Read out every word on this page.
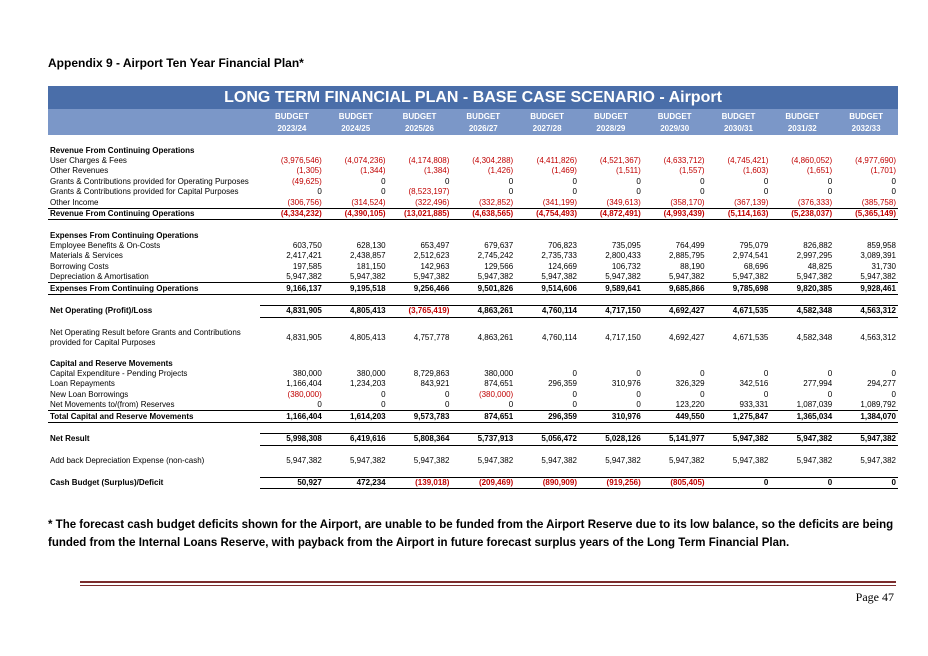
Appendix 9 - Airport Ten Year Financial Plan*
LONG TERM FINANCIAL PLAN - BASE CASE SCENARIO - Airport
	BUDGET	BUDGET	BUDGET	BUDGET	BUDGET	BUDGET	BUDGET	BUDGET	BUDGET	BUDGET
	2023/24	2024/25	2025/26	2026/27	2027/28	2028/29	2029/30	2030/31	2031/32	2032/33

Revenue From Continuing Operations										
User Charges & Fees	(3,976,546)	(4,074,236)	(4,174,808)	(4,304,288)	(4,411,826)	(4,521,367)	(4,633,712)	(4,745,421)	(4,860,052)	(4,977,690)
Other Revenues	(1,305)	(1,344)	(1,384)	(1,426)	(1,469)	(1,511)	(1,557)	(1,603)	(1,651)	(1,701)
Grants & Contributions provided for Operating Purposes	(49,625)	0	0	0	0	0	0	0	0	0
Grants & Contributions provided for Capital Purposes	0	0	(8,523,197)	0	0	0	0	0	0	0
Other Income	(306,756)	(314,524)	(322,496)	(332,852)	(341,199)	(349,613)	(358,170)	(367,139)	(376,333)	(385,758)
Revenue From Continuing Operations	(4,334,232)	(4,390,105)	(13,021,885)	(4,638,565)	(4,754,493)	(4,872,491)	(4,993,439)	(5,114,163)	(5,238,037)	(5,365,149)

Expenses From Continuing Operations										
Employee Benefits & On-Costs	603,750	628,130	653,497	679,637	706,823	735,095	764,499	795,079	826,882	859,958
Materials & Services	2,417,421	2,438,857	2,512,623	2,745,242	2,735,733	2,800,433	2,885,795	2,974,541	2,997,295	3,089,391
Borrowing Costs	197,585	181,150	142,963	129,566	124,669	106,732	88,190	68,696	48,825	31,730
Depreciation & Amortisation	5,947,382	5,947,382	5,947,382	5,947,382	5,947,382	5,947,382	5,947,382	5,947,382	5,947,382	5,947,382
Expenses From Continuing Operations	9,166,137	9,195,518	9,256,466	9,501,826	9,514,606	9,589,641	9,685,866	9,785,698	9,820,385	9,928,461

Net Operating (Profit)/Loss	4,831,905	4,805,413	(3,765,419)	4,863,261	4,760,114	4,717,150	4,692,427	4,671,535	4,582,348	4,563,312

Net Operating Result before Grants and Contributions provided for Capital Purposes	4,831,905	4,805,413	4,757,778	4,863,261	4,760,114	4,717,150	4,692,427	4,671,535	4,582,348	4,563,312

Capital and Reserve Movements										
Capital Expenditure - Pending Projects	380,000	380,000	8,729,863	380,000	0	0	0	0	0	0
Loan Repayments	1,166,404	1,234,203	843,921	874,651	296,359	310,976	326,329	342,516	277,994	294,277
New Loan Borrowings	(380,000)	0	0	(380,000)	0	0	0	0	0	0
Net Movements to/(from) Reserves	0	0	0	0	0	0	123,220	933,331	1,087,039	1,089,792
Total Capital and Reserve Movements	1,166,404	1,614,203	9,573,783	874,651	296,359	310,976	449,550	1,275,847	1,365,034	1,384,070

Net Result	5,998,308	6,419,616	5,808,364	5,737,913	5,056,472	5,028,126	5,141,977	5,947,382	5,947,382	5,947,382

Add back Depreciation Expense (non-cash)	5,947,382	5,947,382	5,947,382	5,947,382	5,947,382	5,947,382	5,947,382	5,947,382	5,947,382	5,947,382

Cash Budget (Surplus)/Deficit	50,927	472,234	(139,018)	(209,469)	(890,909)	(919,256)	(805,405)	0	0	0
* The forecast cash budget deficits shown for the Airport, are unable to be funded from the Airport Reserve due to its low balance, so the deficits are being funded from the Internal Loans Reserve, with payback from the Airport in future forecast surplus years of the Long Term Financial Plan.
Page 47
